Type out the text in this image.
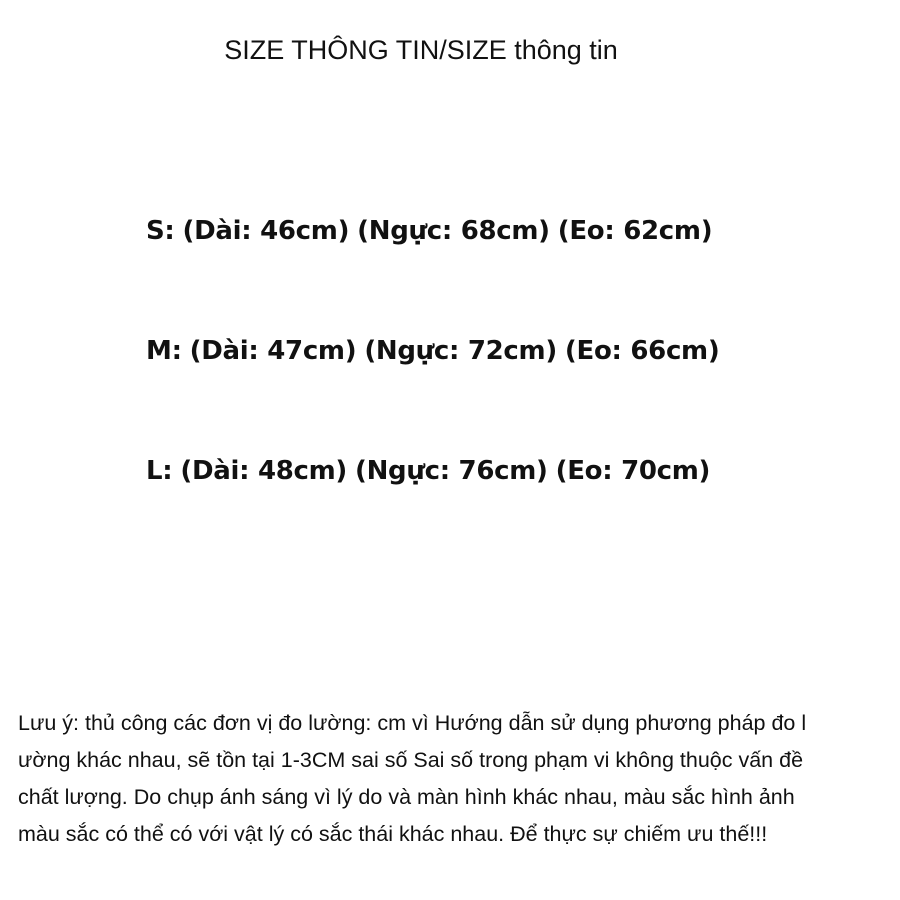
SIZE THÔNG TIN/SIZE thông tin
S: (Dài: 46cm) (Ngực: 68cm) (Eo: 62cm)
M: (Dài: 47cm) (Ngực: 72cm) (Eo: 66cm)
L: (Dài: 48cm) (Ngực: 76cm) (Eo: 70cm)
Lưu ý: thủ công các đơn vị đo lường: cm vì Hướng dẫn sử dụng phương pháp đo l
ường khác nhau, sẽ tồn tại 1-3CM sai số Sai số trong phạm vi không thuộc vấn đề
chất lượng. Do chụp ánh sáng vì lý do và màn hình khác nhau, màu sắc hình ảnh
màu sắc có thể có với vật lý có sắc thái khác nhau. Để thực sự chiếm ưu thế!!!
